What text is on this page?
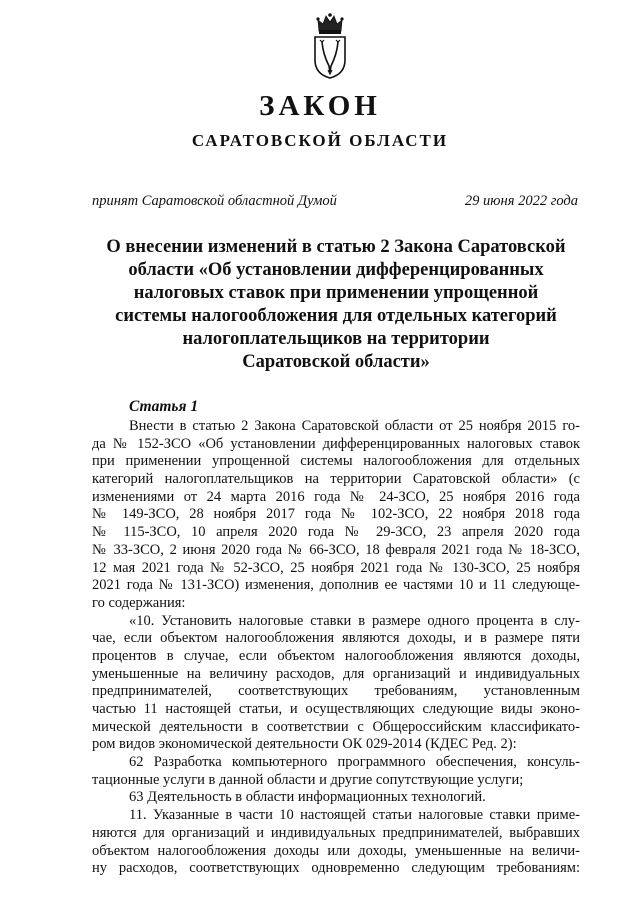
ЗАКОН
САРАТОВСКОЙ ОБЛАСТИ
принят Саратовской областной Думой	29 июня 2022 года
О внесении изменений в статью 2 Закона Саратовской
области «Об установлении дифференцированных
налоговых ставок при применении упрощенной
системы налогообложения для отдельных категорий
налогоплательщиков на территории
Саратовской области»
Статья 1
Внести в статью 2 Закона Саратовской области от 25 ноября 2015 го-
да № 152-ЗСО «Об установлении дифференцированных налоговых ставок
при применении упрощенной системы налогообложения для отдельных
категорий налогоплательщиков на территории Саратовской области» (с
изменениями от 24 марта 2016 года № 24-ЗСО, 25 ноября 2016 года
№ 149-ЗСО, 28 ноября 2017 года № 102-ЗСО, 22 ноября 2018 года
№ 115-ЗСО, 10 апреля 2020 года № 29-ЗСО, 23 апреля 2020 года
№ 33-ЗСО, 2 июня 2020 года № 66-ЗСО, 18 февраля 2021 года № 18-ЗСО,
12 мая 2021 года № 52-ЗСО, 25 ноября 2021 года № 130-ЗСО, 25 ноября
2021 года № 131-ЗСО) изменения, дополнив ее частями 10 и 11 следующе-
го содержания:
«10. Установить налоговые ставки в размере одного процента в слу-
чае, если объектом налогообложения являются доходы, и в размере пяти
процентов в случае, если объектом налогообложения являются доходы,
уменьшенные на величину расходов, для организаций и индивидуальных
предпринимателей, соответствующих требованиям, установленным
частью 11 настоящей статьи, и осуществляющих следующие виды эконо-
мической деятельности в соответствии с Общероссийским классификато-
ром видов экономической деятельности ОК 029-2014 (КДЕС Ред. 2):
62 Разработка компьютерного программного обеспечения, консуль-
тационные услуги в данной области и другие сопутствующие услуги;
63 Деятельность в области информационных технологий.
11. Указанные в части 10 настоящей статьи налоговые ставки приме-
няются для организаций и индивидуальных предпринимателей, выбравших
объектом налогообложения доходы или доходы, уменьшенные на величи-
ну расходов, соответствующих одновременно следующим требованиям:
